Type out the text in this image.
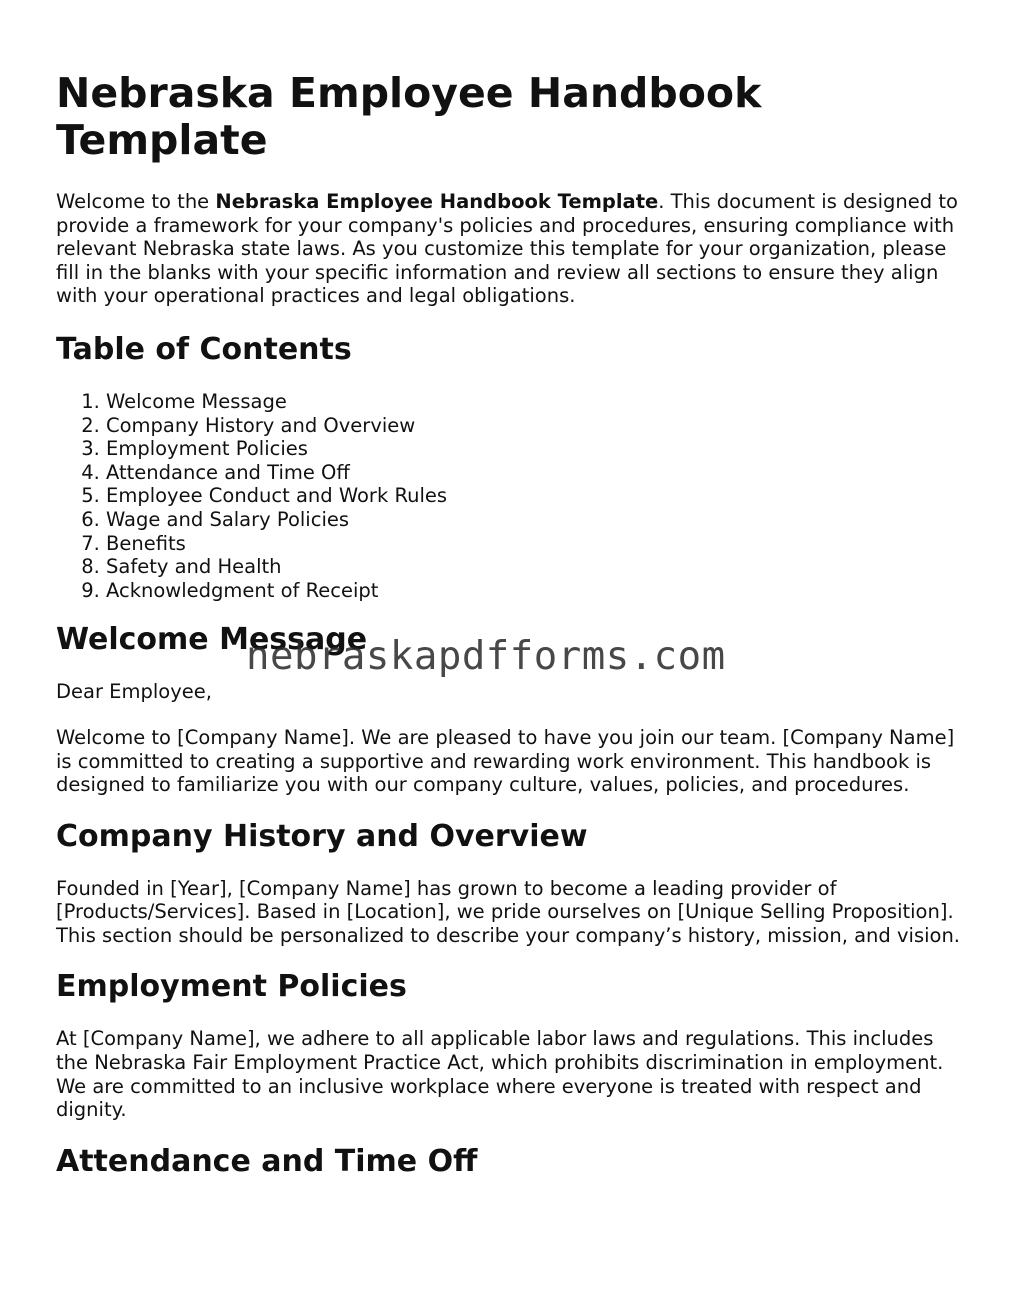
Nebraska Employee Handbook Template

Welcome to the Nebraska Employee Handbook Template. This document is designed to provide a framework for your company's policies and procedures, ensuring compliance with relevant Nebraska state laws. As you customize this template for your organization, please fill in the blanks with your specific information and review all sections to ensure they align with your operational practices and legal obligations.

Table of Contents
1. Welcome Message
2. Company History and Overview
3. Employment Policies
4. Attendance and Time Off
5. Employee Conduct and Work Rules
6. Wage and Salary Policies
7. Benefits
8. Safety and Health
9. Acknowledgment of Receipt
Welcome Message

Dear Employee,

Welcome to [Company Name]. We are pleased to have you join our team. [Company Name] is committed to creating a supportive and rewarding work environment. This handbook is designed to familiarize you with our company culture, values, policies, and procedures.

Company History and Overview

Founded in [Year], [Company Name] has grown to become a leading provider of [Products/Services]. Based in [Location], we pride ourselves on [Unique Selling Proposition]. This section should be personalized to describe your company’s history, mission, and vision.

Employment Policies

At [Company Name], we adhere to all applicable labor laws and regulations. This includes the Nebraska Fair Employment Practice Act, which prohibits discrimination in employment. We are committed to an inclusive workplace where everyone is treated with respect and dignity.

Attendance and Time Off
nebraskapdfforms.com
